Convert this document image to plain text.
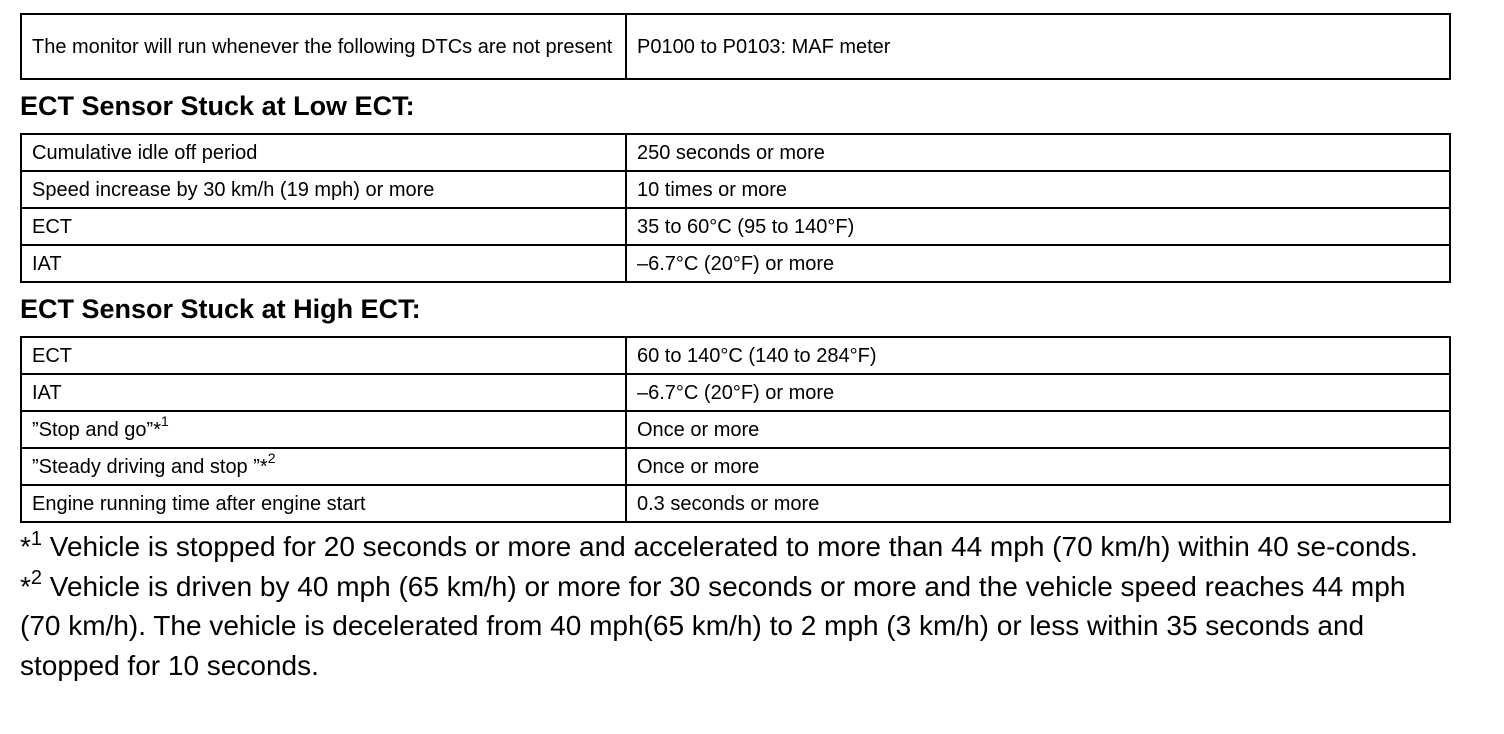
The monitor will run whenever the following DTCs are not present	P0100 to P0103: MAF meter
ECT Sensor Stuck at Low ECT:
Cumulative idle off period	250 seconds or more
Speed increase by 30 km/h (19 mph) or more	10 times or more
ECT	35 to 60°C (95 to 140°F)
IAT	–6.7°C (20°F) or more
ECT Sensor Stuck at High ECT:
ECT	60 to 140°C (140 to 284°F)
IAT	–6.7°C (20°F) or more
”Stop and go”*$^1$	Once or more
”Steady driving and stop ”*$^2$	Once or more
Engine running time after engine start	0.3 seconds or more

*$^1$ Vehicle is stopped for 20 seconds or more and accelerated to more than 44 mph (70 km/h) within 40 se-conds.

*$^2$ Vehicle is driven by 40 mph (65 km/h) or more for 30 seconds or more and the vehicle speed reaches 44 mph (70 km/h). The vehicle is decelerated from 40 mph(65 km/h) to 2 mph (3 km/h) or less within 35 seconds and stopped for 10 seconds.
